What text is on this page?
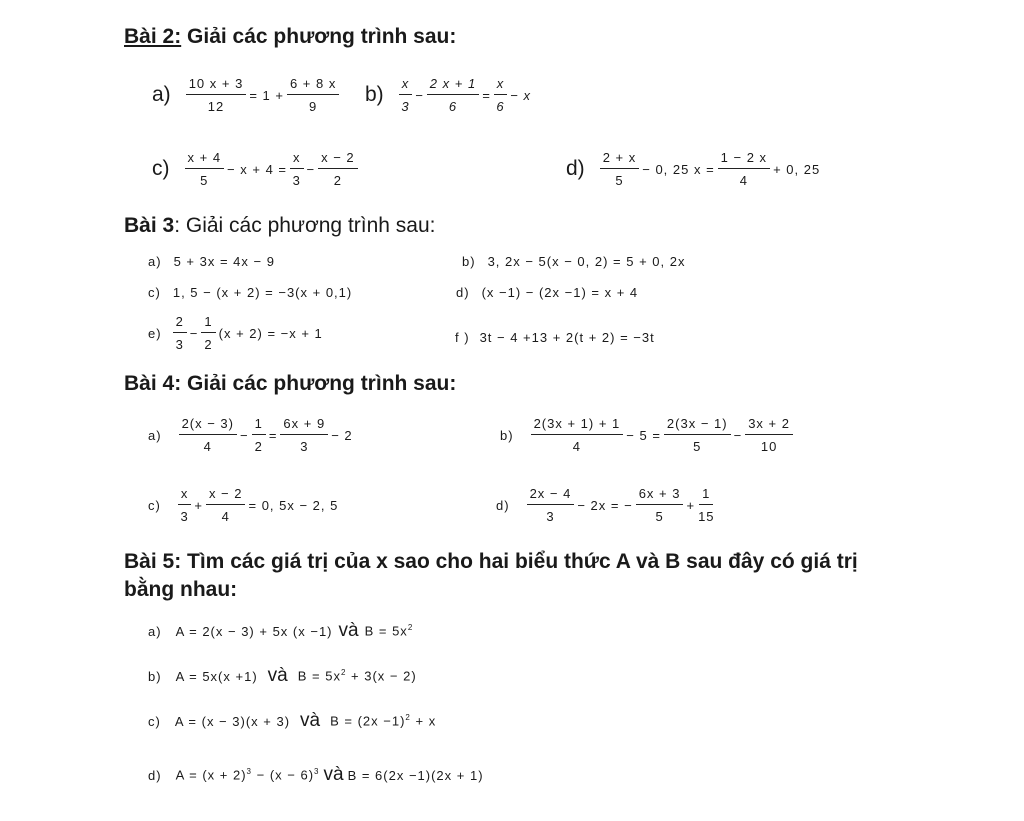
Bài 2: Giải các phương trình sau:
$a) \frac{10 x + 3}{12} = 1 + \frac{6 + 8 x}{9} b) \frac{x}{3} - \frac{2 x + 1}{6} = \frac{x}{6} - x$
$c) \frac{x + 4}{5} - x + 4 = \frac{x}{3} - \frac{x - 2}{2}$	$d) \frac{2 + x}{5} - 0$, 25 $x = \frac{1 - 2 x}{4} + 0$, 25
Bài 3: Giải các phương trình sau:
a) 5 + 3x = 4x − 9	b) 3, 2x − 5(x − 0, 2) = 5 + 0, 2x
c) 1, 5 − (x + 2) = −3(x + 0,1)	d) (x −1) − (2x −1) = x + 4
$e) \frac{2}{3} - \frac{1}{2} (x + 2) = -x + 1$	f ) 3t − 4 +13 + 2(t + 2) = −3t
Bài 4: Giải các phương trình sau:
$a) \frac{2(x - 3)}{4} - \frac{1}{2} = \frac{6x + 9}{3} - 2$	$b) \frac{2(3x + 1) + 1}{4} - 5 = \frac{2(3x - 1)}{5} - \frac{3x + 2}{10}$
$c) \frac{x}{3} + \frac{x - 2}{4} = 0$, 5x − 2, 5	$d) \frac{2x - 4}{3} - 2x$ = − $\frac{6x + 3}{5} + \frac{1}{15}$
Bài 5: Tìm các giá trị của x sao cho hai biểu thức A và B sau đây có giá trị
bằng nhau:
a) A = 2(x − 3) + 5x (x −1) và $B = 5x^2$
b) A = 5x(x +1) và $B = 5x^2 + 3(x - 2)$
c) A = (x − 3)(x + 3) và $B = (2x -1)^2 + x$
d) $A = (x + 2)^3 - (x - 6)^3$ và B = 6(2x −1)(2x + 1)
